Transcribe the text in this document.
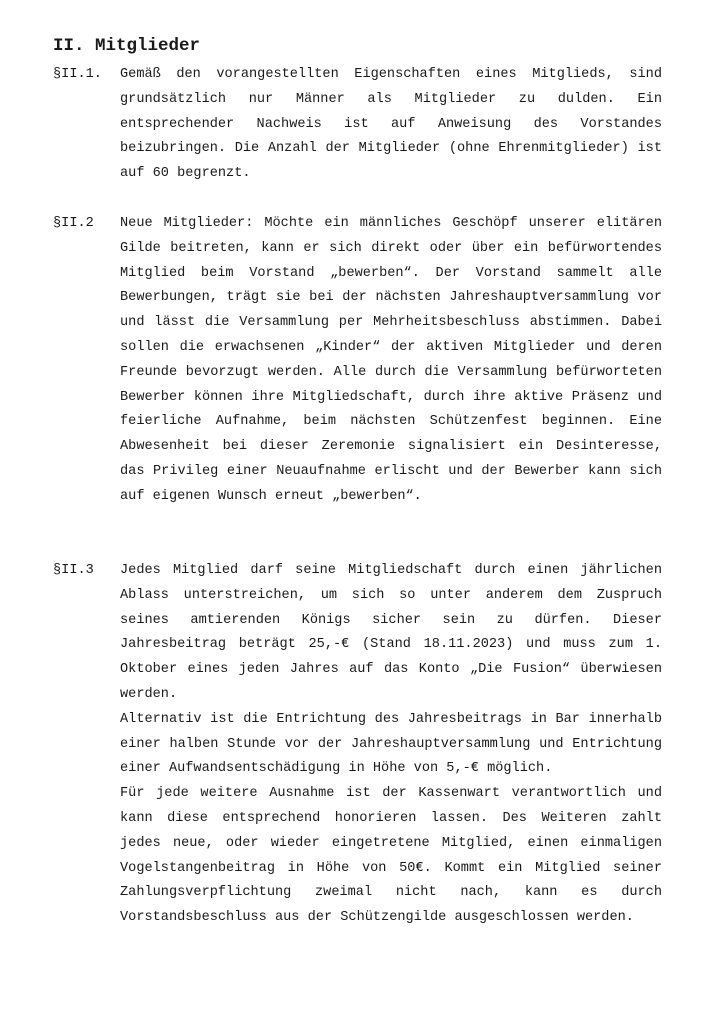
II. Mitglieder
§II.1. Gemäß den vorangestellten Eigenschaften eines Mitglieds, sind grundsätzlich nur Männer als Mitglieder zu dulden. Ein entsprechender Nachweis ist auf Anweisung des Vorstandes beizubringen. Die Anzahl der Mitglieder (ohne Ehrenmitglieder) ist auf 60 begrenzt.

§II.2 Neue Mitglieder: Möchte ein männliches Geschöpf unserer elitären Gilde beitreten, kann er sich direkt oder über ein befürwortendes Mitglied beim Vorstand „bewerben“. Der Vorstand sammelt alle Bewerbungen, trägt sie bei der nächsten Jahreshauptversammlung vor und lässt die Versammlung per Mehrheitsbeschluss abstimmen. Dabei sollen die erwachsenen „Kinder“ der aktiven Mitglieder und deren Freunde bevorzugt werden. Alle durch die Versammlung befürworteten Bewerber können ihre Mitgliedschaft, durch ihre aktive Präsenz und feierliche Aufnahme, beim nächsten Schützenfest beginnen. Eine Abwesenheit bei dieser Zeremonie signalisiert ein Desinteresse, das Privileg einer Neuaufnahme erlischt und der Bewerber kann sich auf eigenen Wunsch erneut „bewerben“.

§II.3 Jedes Mitglied darf seine Mitgliedschaft durch einen jährlichen Ablass unterstreichen, um sich so unter anderem dem Zuspruch seines amtierenden Königs sicher sein zu dürfen. Dieser Jahresbeitrag beträgt 25,-€ (Stand 18.11.2023) und muss zum 1. Oktober eines jeden Jahres auf das Konto „Die Fusion“ überwiesen werden.

Alternativ ist die Entrichtung des Jahresbeitrags in Bar innerhalb einer halben Stunde vor der Jahreshauptversammlung und Entrichtung einer Aufwandsentschädigung in Höhe von 5,-€ möglich.

Für jede weitere Ausnahme ist der Kassenwart verantwortlich und kann diese entsprechend honorieren lassen. Des Weiteren zahlt jedes neue, oder wieder eingetretene Mitglied, einen einmaligen Vogelstangenbeitrag in Höhe von 50€. Kommt ein Mitglied seiner Zahlungsverpflichtung zweimal nicht nach, kann es durch Vorstandsbeschluss aus der Schützengilde ausgeschlossen werden.
